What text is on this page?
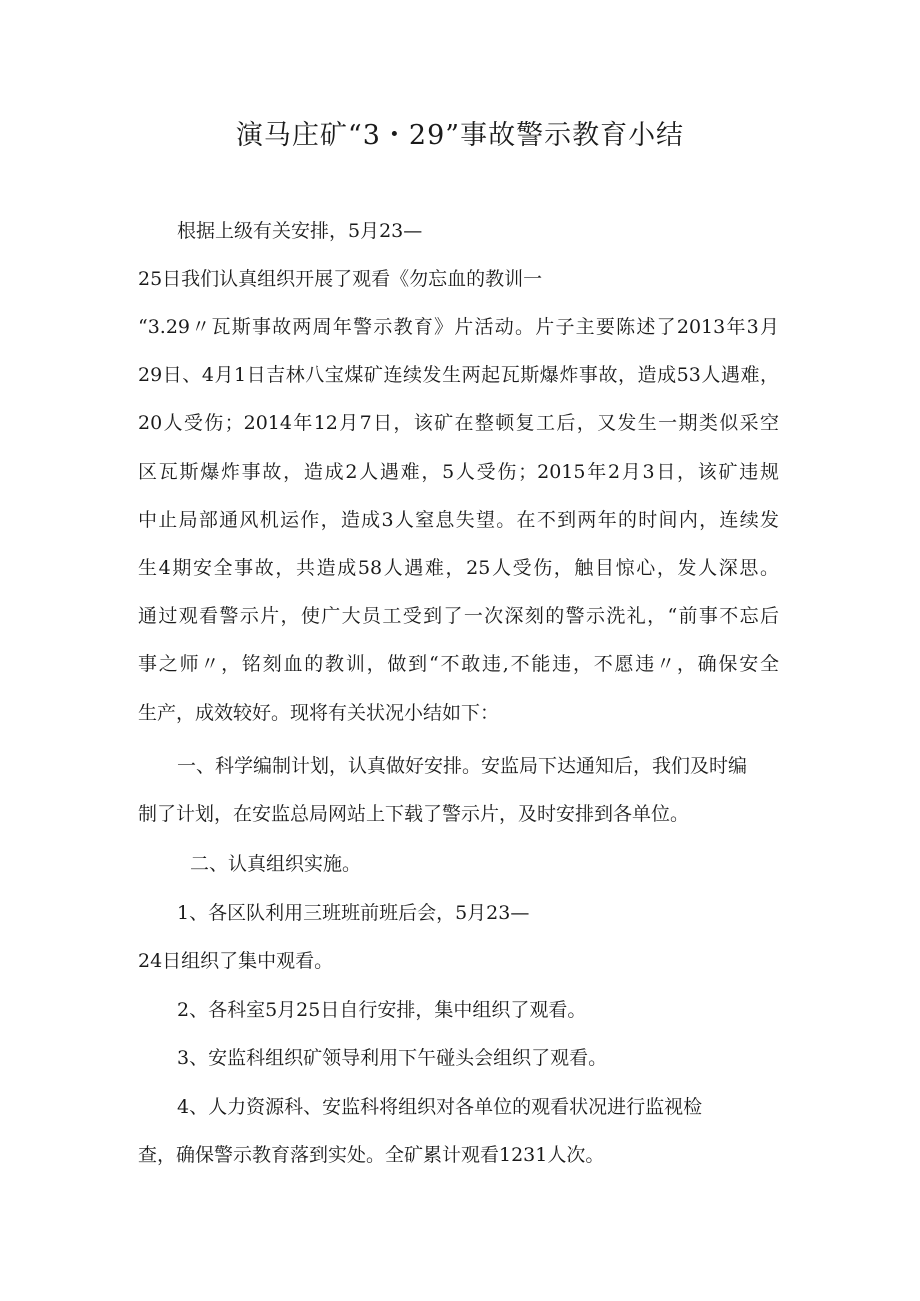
演马庄矿“3・29”事故警示教育小结
根据上级有关安排，5月23—
25日我们认真组织开展了观看《勿忘血的教训一
“3.29〃瓦斯事故两周年警示教育》片活动。片子主要陈述了2013年3月
29日、4月1日吉林八宝煤矿连续发生两起瓦斯爆炸事故，造成53人遇难，
20人受伤；2014年12月7日，该矿在整顿复工后，又发生一期类似采空
区瓦斯爆炸事故，造成2人遇难，5人受伤；2015年2月3日，该矿违规
中止局部通风机运作，造成3人窒息失望。在不到两年的时间内，连续发
生4期安全事故，共造成58人遇难，25人受伤，触目惊心，发人深思。
通过观看警示片，使广大员工受到了一次深刻的警示洗礼，“前事不忘后
事之师〃，铭刻血的教训，做到“不敢违,不能违，不愿违〃，确保安全
生产，成效较好。现将有关状况小结如下：
一、科学编制计划，认真做好安排。安监局下达通知后，我们及时编
制了计划，在安监总局网站上下载了警示片，及时安排到各单位。
二、认真组织实施。
1、各区队利用三班班前班后会，5月23—
24日组织了集中观看。
2、各科室5月25日自行安排，集中组织了观看。
3、安监科组织矿领导利用下午碰头会组织了观看。
4、人力资源科、安监科将组织对各单位的观看状况进行监视检
查，确保警示教育落到实处。全矿累计观看1231人次。
